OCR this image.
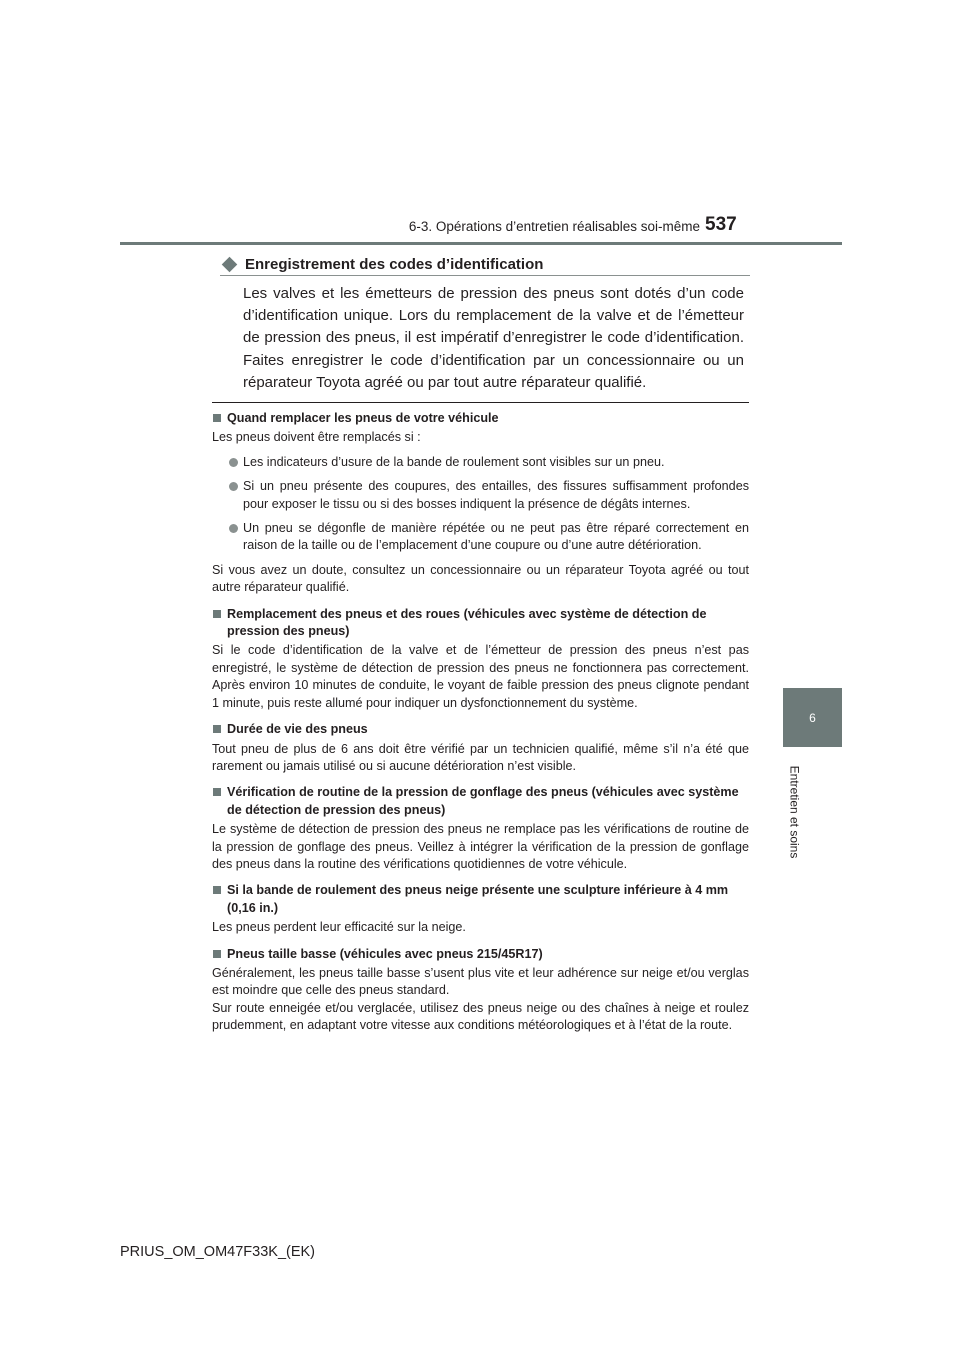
6-3. Opérations d’entretien réalisables soi-même 537
6
Entretien et soins
Enregistrement des codes d’identification

Les valves et les émetteurs de pression des pneus sont dotés d’un code d’identification unique. Lors du remplacement de la valve et de l’émetteur de pression des pneus, il est impératif d’enregistrer le code d’identification. Faites enregistrer le code d’identification par un concessionnaire ou un réparateur Toyota agréé ou par tout autre réparateur qualifié.

Quand remplacer les pneus de votre véhicule

Les pneus doivent être remplacés si :

Les indicateurs d’usure de la bande de roulement sont visibles sur un pneu.
Si un pneu présente des coupures, des entailles, des fissures suffisamment profondes pour exposer le tissu ou si des bosses indiquent la présence de dégâts internes.
Un pneu se dégonfle de manière répétée ou ne peut pas être réparé correctement en raison de la taille ou de l’emplacement d’une coupure ou d’une autre détérioration.

Si vous avez un doute, consultez un concessionnaire ou un réparateur Toyota agréé ou tout autre réparateur qualifié.

Remplacement des pneus et des roues (véhicules avec système de détection de pression des pneus)

Si le code d’identification de la valve et de l’émetteur de pression des pneus n’est pas enregistré, le système de détection de pression des pneus ne fonctionnera pas correctement. Après environ 10 minutes de conduite, le voyant de faible pression des pneus clignote pendant 1 minute, puis reste allumé pour indiquer un dysfonctionnement du système.

Durée de vie des pneus

Tout pneu de plus de 6 ans doit être vérifié par un technicien qualifié, même s’il n’a été que rarement ou jamais utilisé ou si aucune détérioration n’est visible.

Vérification de routine de la pression de gonflage des pneus (véhicules avec système de détection de pression des pneus)

Le système de détection de pression des pneus ne remplace pas les vérifications de routine de la pression de gonflage des pneus. Veillez à intégrer la vérification de la pression de gonflage des pneus dans la routine des vérifications quotidiennes de votre véhicule.

Si la bande de roulement des pneus neige présente une sculpture inférieure à 4 mm (0,16 in.)

Les pneus perdent leur efficacité sur la neige.

Pneus taille basse (véhicules avec pneus 215/45R17)

Généralement, les pneus taille basse s’usent plus vite et leur adhérence sur neige et/ou verglas est moindre que celle des pneus standard.

Sur route enneigée et/ou verglacée, utilisez des pneus neige ou des chaînes à neige et roulez prudemment, en adaptant votre vitesse aux conditions météorologiques et à l’état de la route.

PRIUS_OM_OM47F33K_(EK)
